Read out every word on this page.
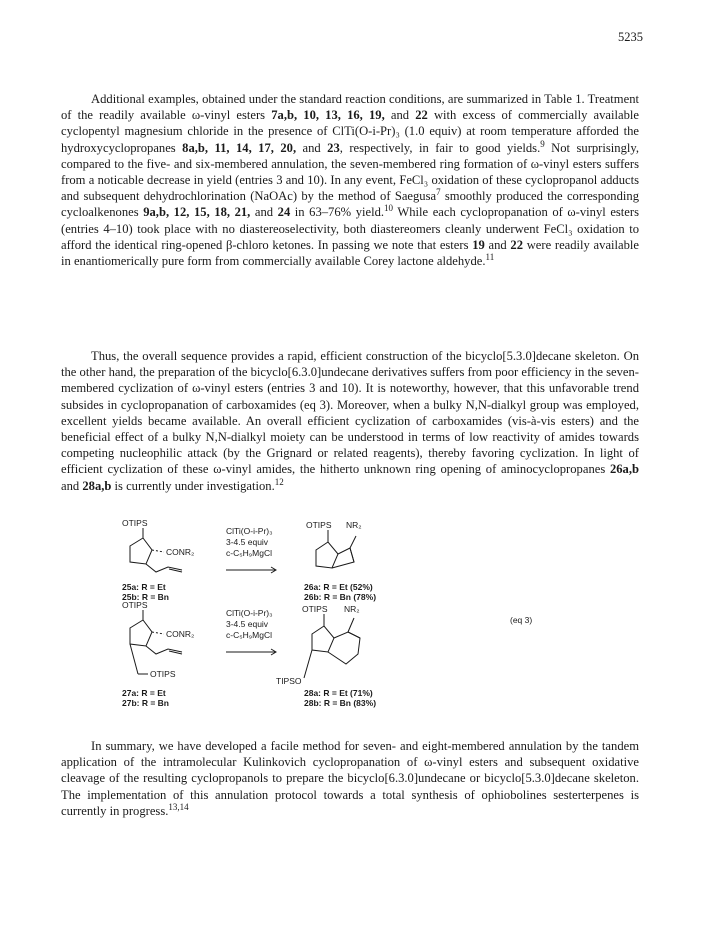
5235

Additional examples, obtained under the standard reaction conditions, are summarized in Table 1. Treatment of the readily available ω-vinyl esters 7a,b, 10, 13, 16, 19, and 22 with excess of commercially available cyclopentyl magnesium chloride in the presence of ClTi(O-i-Pr)₃ (1.0 equiv) at room temperature afforded the hydroxycyclopropanes 8a,b, 11, 14, 17, 20, and 23, respectively, in fair to good yields.$^9$ Not surprisingly, compared to the five- and six-membered annulation, the seven-membered ring formation of ω-vinyl esters suffers from a noticable decrease in yield (entries 3 and 10). In any event, FeCl₃ oxidation of these cyclopropanol adducts and subsequent dehydrochlorination (NaOAc) by the method of Saegusa$^7$ smoothly produced the corresponding cycloalkenones 9a,b, 12, 15, 18, 21, and 24 in 63–76% yield.$^{10}$ While each cyclopropanation of ω-vinyl esters (entries 4–10) took place with no diastereoselectivity, both diastereomers cleanly underwent FeCl₃ oxidation to afford the identical ring-opened β-chloro ketones. In passing we note that esters 19 and 22 were readily available in enantiomerically pure form from commercially available Corey lactone aldehyde.$^{11}$

Thus, the overall sequence provides a rapid, efficient construction of the bicyclo[5.3.0]decane skeleton. On the other hand, the preparation of the bicyclo[6.3.0]undecane derivatives suffers from poor efficiency in the seven-membered cyclization of ω-vinyl esters (entries 3 and 10). It is noteworthy, however, that this unfavorable trend subsides in cyclopropanation of carboxamides (eq 3). Moreover, when a bulky N,N-dialkyl group was employed, excellent yields became available. An overall efficient cyclization of carboxamides (vis-à-vis esters) and the beneficial effect of a bulky N,N-dialkyl moiety can be understood in terms of low reactivity of amides towards competing nucleophilic attack (by the Grignard or related reagents), thereby favoring cyclization. In light of efficient cyclization of these ω-vinyl amides, the hitherto unknown ring opening of aminocyclopropanes 26a,b and 28a,b is currently under investigation.$^{12}$

OTIPS
CONR₂
25a: R = Et
25b: R = Bn
ClTi(O-i-Pr)₃
3-4.5 equiv
c-C₅H₉MgCl
OTIPS NR₂
26a: R = Et (52%)
26b: R = Bn (78%)
OTIPS
CONR₂
OTIPS
27a: R = Et
27b: R = Bn
ClTi(O-i-Pr)₃
3-4.5 equiv
c-C₅H₉MgCl
OTIPS NR₂
TIPSO
28a: R = Et (71%)
28b: R = Bn (83%)
(eq 3)

In summary, we have developed a facile method for seven- and eight-membered annulation by the tandem application of the intramolecular Kulinkovich cyclopropanation of ω-vinyl esters and subsequent oxidative cleavage of the resulting cyclopropanols to prepare the bicyclo[6.3.0]undecane or bicyclo[5.3.0]decane skeleton. The implementation of this annulation protocol towards a total synthesis of ophiobolines sesterterpenes is currently in progress.$^{13,14}$
